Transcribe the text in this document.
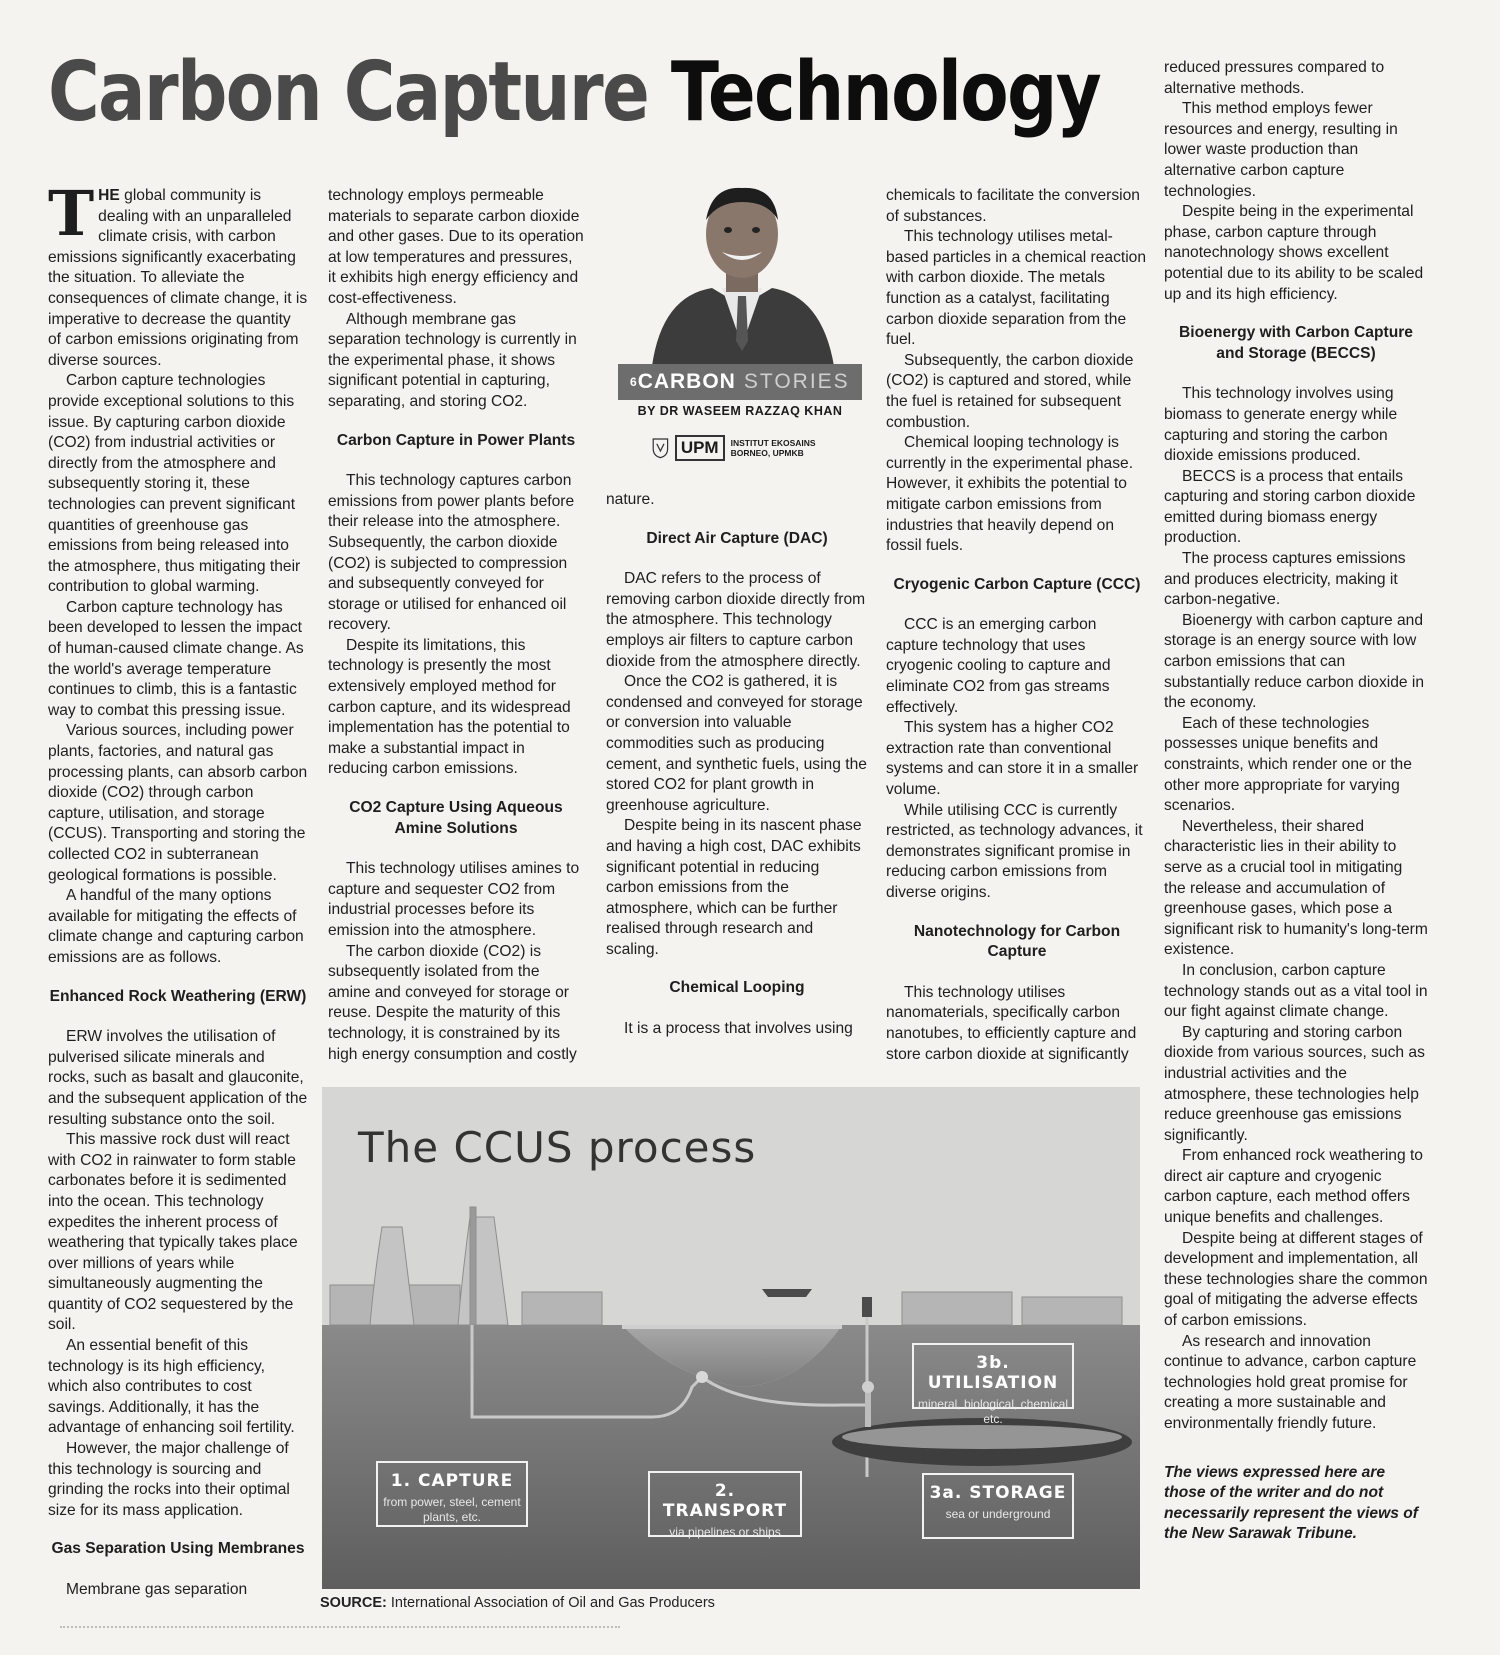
Carbon Capture Technology

THE global community is dealing with an unparalleled climate crisis, with carbon emissions significantly exacerbating the situation. To alleviate the consequences of climate change, it is imperative to decrease the quantity of carbon emissions originating from diverse sources.

Carbon capture technologies provide exceptional solutions to this issue. By capturing carbon dioxide (CO2) from industrial activities or directly from the atmosphere and subsequently storing it, these technologies can prevent significant quantities of greenhouse gas emissions from being released into the atmosphere, thus mitigating their contribution to global warming.

Carbon capture technology has been developed to lessen the impact of human-caused climate change. As the world's average temperature continues to climb, this is a fantastic way to combat this pressing issue.

Various sources, including power plants, factories, and natural gas processing plants, can absorb carbon dioxide (CO2) through carbon capture, utilisation, and storage (CCUS). Transporting and storing the collected CO2 in subterranean geological formations is possible.

A handful of the many options available for mitigating the effects of climate change and capturing carbon emissions are as follows.

Enhanced Rock Weathering (ERW)

ERW involves the utilisation of pulverised silicate minerals and rocks, such as basalt and glauconite, and the subsequent application of the resulting substance onto the soil.

This massive rock dust will react with CO2 in rainwater to form stable carbonates before it is sedimented into the ocean. This technology expedites the inherent process of weathering that typically takes place over millions of years while simultaneously augmenting the quantity of CO2 sequestered by the soil.

An essential benefit of this technology is its high efficiency, which also contributes to cost savings. Additionally, it has the advantage of enhancing soil fertility.

However, the major challenge of this technology is sourcing and grinding the rocks into their optimal size for its mass application.

Gas Separation Using Membranes

Membrane gas separation

technology employs permeable materials to separate carbon dioxide and other gases. Due to its operation at low temperatures and pressures, it exhibits high energy efficiency and cost-effectiveness.

Although membrane gas separation technology is currently in the experimental phase, it shows significant potential in capturing, separating, and storing CO2.

Carbon Capture in Power Plants

This technology captures carbon emissions from power plants before their release into the atmosphere. Subsequently, the carbon dioxide (CO2) is subjected to compression and subsequently conveyed for storage or utilised for enhanced oil recovery.

Despite its limitations, this technology is presently the most extensively employed method for carbon capture, and its widespread implementation has the potential to make a substantial impact in reducing carbon emissions.

CO2 Capture Using Aqueous Amine Solutions

This technology utilises amines to capture and sequester CO2 from industrial processes before its emission into the atmosphere.

The carbon dioxide (CO2) is subsequently isolated from the amine and conveyed for storage or reuse. Despite the maturity of this technology, it is constrained by its high energy consumption and costly

$^6$CARBON STORIES
BY DR WASEEM RAZZAQ KHAN
UPM	INSTITUT EKOSAINS BORNEO, UPMKB

nature.

Direct Air Capture (DAC)

DAC refers to the process of removing carbon dioxide directly from the atmosphere. This technology employs air filters to capture carbon dioxide from the atmosphere directly.

Once the CO2 is gathered, it is condensed and conveyed for storage or conversion into valuable commodities such as producing cement, and synthetic fuels, using the stored CO2 for plant growth in greenhouse agriculture.

Despite being in its nascent phase and having a high cost, DAC exhibits significant potential in reducing carbon emissions from the atmosphere, which can be further realised through research and scaling.

Chemical Looping

It is a process that involves using

chemicals to facilitate the conversion of substances.

This technology utilises metal-based particles in a chemical reaction with carbon dioxide. The metals function as a catalyst, facilitating carbon dioxide separation from the fuel.

Subsequently, the carbon dioxide (CO2) is captured and stored, while the fuel is retained for subsequent combustion.

Chemical looping technology is currently in the experimental phase. However, it exhibits the potential to mitigate carbon emissions from industries that heavily depend on fossil fuels.

Cryogenic Carbon Capture (CCC)

CCC is an emerging carbon capture technology that uses cryogenic cooling to capture and eliminate CO2 from gas streams effectively.

This system has a higher CO2 extraction rate than conventional systems and can store it in a smaller volume.

While utilising CCC is currently restricted, as technology advances, it demonstrates significant promise in reducing carbon emissions from diverse origins.

Nanotechnology for Carbon Capture

This technology utilises nanomaterials, specifically carbon nanotubes, to efficiently capture and store carbon dioxide at significantly

reduced pressures compared to alternative methods.

This method employs fewer resources and energy, resulting in lower waste production than alternative carbon capture technologies.

Despite being in the experimental phase, carbon capture through nanotechnology shows excellent potential due to its ability to be scaled up and its high efficiency.

Bioenergy with Carbon Capture and Storage (BECCS)

This technology involves using biomass to generate energy while capturing and storing the carbon dioxide emissions produced.

BECCS is a process that entails capturing and storing carbon dioxide emitted during biomass energy production.

The process captures emissions and produces electricity, making it carbon-negative.

Bioenergy with carbon capture and storage is an energy source with low carbon emissions that can substantially reduce carbon dioxide in the economy.

Each of these technologies possesses unique benefits and constraints, which render one or the other more appropriate for varying scenarios.

Nevertheless, their shared characteristic lies in their ability to serve as a crucial tool in mitigating the release and accumulation of greenhouse gases, which pose a significant risk to humanity's long-term existence.

In conclusion, carbon capture technology stands out as a vital tool in our fight against climate change.

By capturing and storing carbon dioxide from various sources, such as industrial activities and the atmosphere, these technologies help reduce greenhouse gas emissions significantly.

From enhanced rock weathering to direct air capture and cryogenic carbon capture, each method offers unique benefits and challenges.

Despite being at different stages of development and implementation, all these technologies share the common goal of mitigating the adverse effects of carbon emissions.

As research and innovation continue to advance, carbon capture technologies hold great promise for creating a more sustainable and environmentally friendly future.

The views expressed here are those of the writer and do not necessarily represent the views of the New Sarawak Tribune.

The CCUS process
1. CAPTURE
from power, steel, cement plants, etc.
2. TRANSPORT
via pipelines or ships
3a. STORAGE
sea or underground
3b. UTILISATION
mineral, biological, chemical etc.
SOURCE: International Association of Oil and Gas Producers
